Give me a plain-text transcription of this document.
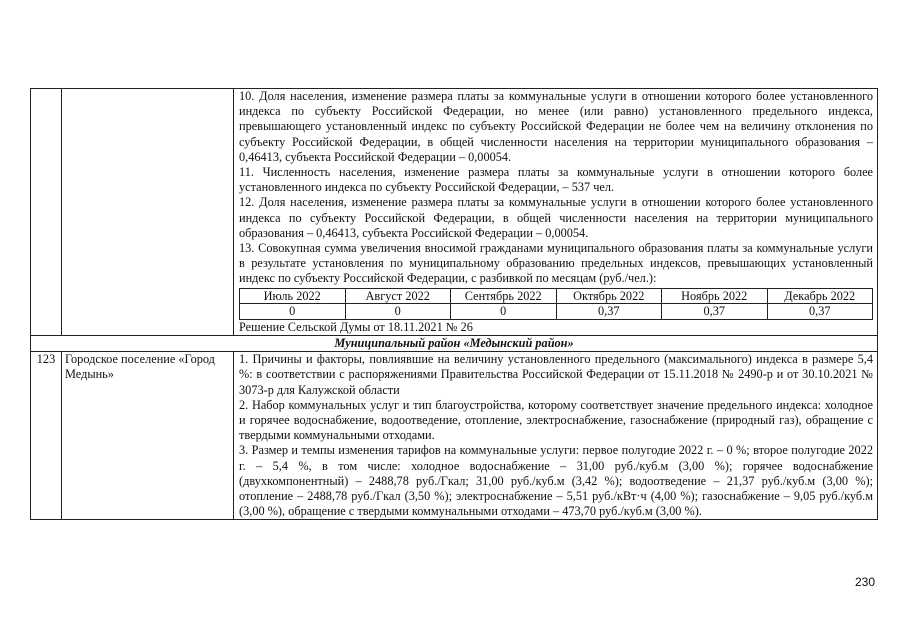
10. Доля населения, изменение размера платы за коммунальные услуги в отношении которого более установленного индекса по субъекту Российской Федерации, но менее (или равно) установленного предельного индекса, превышающего установленный индекс по субъекту Российской Федерации не более чем на величину отклонения по субъекту Российской Федерации, в общей численности населения на территории муниципального образования – 0,46413, субъекта Российской Федерации – 0,00054.

11. Численность населения, изменение размера платы за коммунальные услуги в отношении которого более установленного индекса по субъекту Российской Федерации, – 537 чел.

12. Доля населения, изменение размера платы за коммунальные услуги в отношении которого более установленного индекса по субъекту Российской Федерации, в общей численности населения на территории муниципального образования – 0,46413, субъекта Российской Федерации – 0,00054.

13. Совокупная сумма увеличения вносимой гражданами муниципального образования платы за коммунальные услуги в результате установления по муниципальному образованию предельных индексов, превышающих установленный индекс по субъекту Российской Федерации, с разбивкой по месяцам (руб./чел.):

Июль 2022	Август 2022	Сентябрь 2022	Октябрь 2022	Ноябрь 2022	Декабрь 2022
0	0	0	0,37	0,37	0,37

Решение Сельской Думы от 18.11.2021 № 26

Муниципальный район «Медынский район»
123	Городское поселение «Город Медынь»	

1. Причины и факторы, повлиявшие на величину установленного предельного (максимального) индекса в размере 5,4 %: в соответствии с распоряжениями Правительства Российской Федерации от 15.11.2018 № 2490-р и от 30.10.2021 № 3073-р для Калужской области

2. Набор коммунальных услуг и тип благоустройства, которому соответствует значение предельного индекса: холодное и горячее водоснабжение, водоотведение, отопление, электроснабжение, газоснабжение (природный газ), обращение с твердыми коммунальными отходами.

3. Размер и темпы изменения тарифов на коммунальные услуги: первое полугодие 2022 г. – 0 %; второе полугодие 2022 г. – 5,4 %, в том числе: холодное водоснабжение – 31,00 руб./куб.м (3,00 %); горячее водоснабжение (двухкомпонентный) – 2488,78 руб./Гкал; 31,00 руб./куб.м (3,42 %); водоотведение – 21,37 руб./куб.м (3,00 %); отопление – 2488,78 руб./Гкал (3,50 %); электроснабжение – 5,51 руб./кВт·ч (4,00 %); газоснабжение – 9,05 руб./куб.м (3,00 %), обращение с твердыми коммунальными отходами – 473,70 руб./куб.м (3,00 %).

230
